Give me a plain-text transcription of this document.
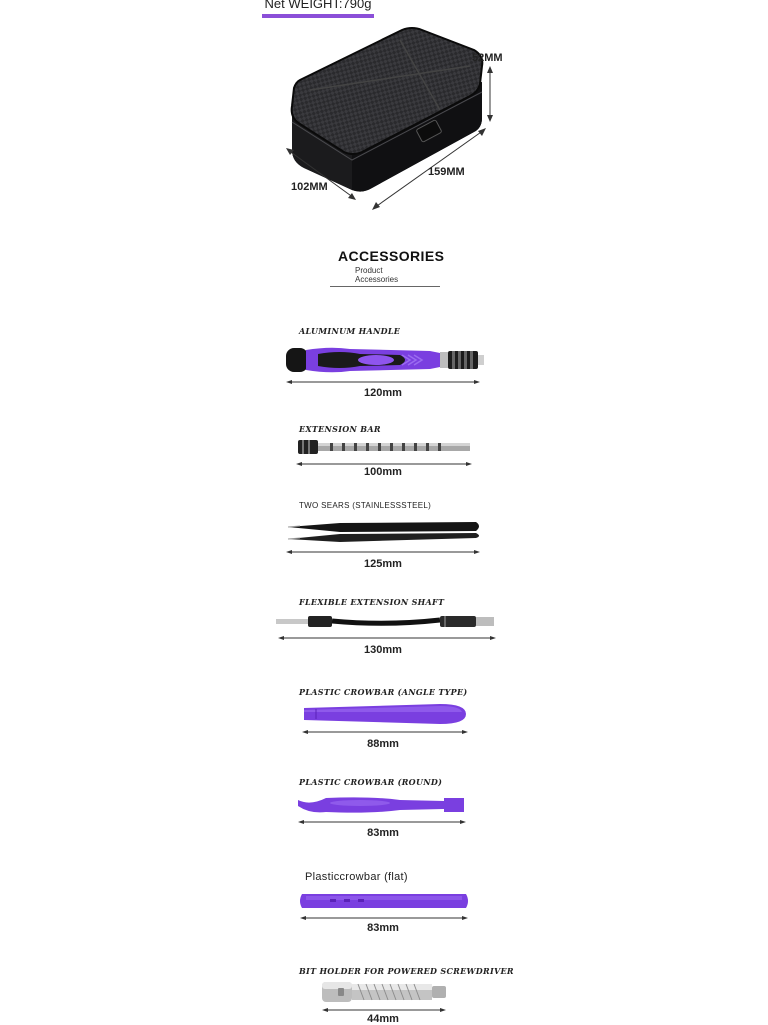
Net WEIGHT:790g
52MM
159MM
102MM
ACCESSORIES
Product
Accessories
ALUMINUM HANDLE
120mm
EXTENSION BAR
100mm
TWO SEARS (STAINLESSSTEEL)
125mm
FLEXIBLE EXTENSION SHAFT
130mm
PLASTIC CROWBAR (ANGLE TYPE)
88mm
PLASTIC CROWBAR (ROUND)
83mm
Plasticcrowbar (flat)
83mm
BIT HOLDER FOR POWERED SCREWDRIVER
44mm
